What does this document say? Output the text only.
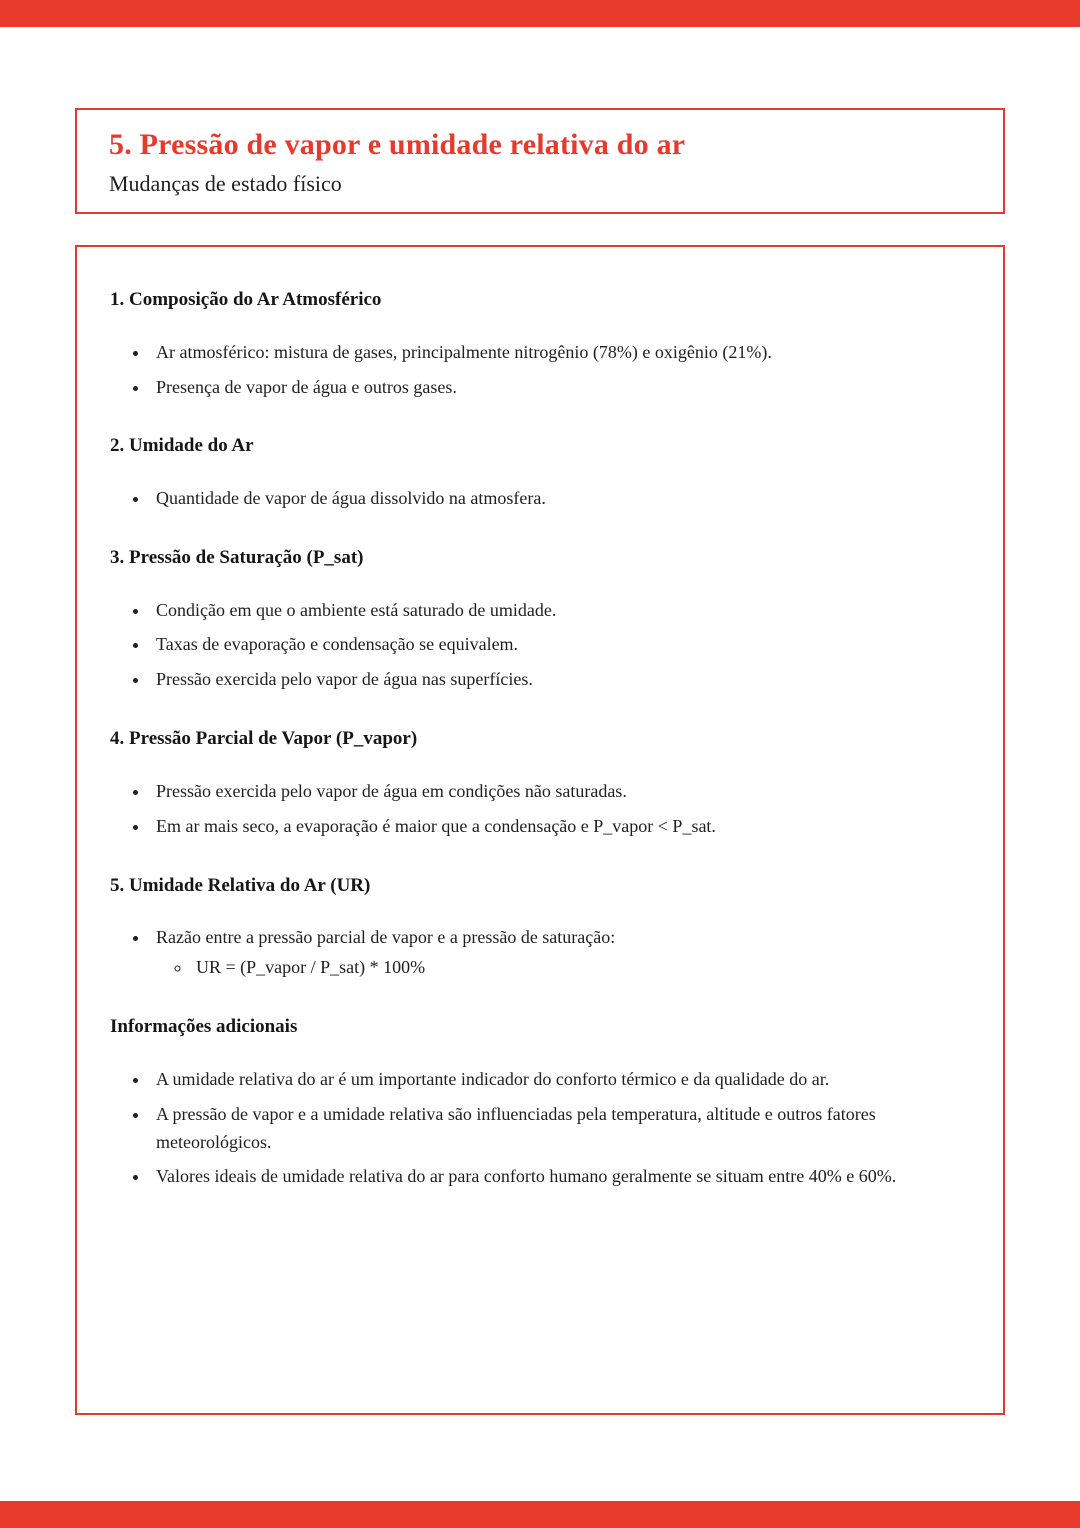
5. Pressão de vapor e umidade relativa do ar
Mudanças de estado físico
1. Composição do Ar Atmosférico
• Ar atmosférico: mistura de gases, principalmente nitrogênio (78%) e oxigênio (21%).
• Presença de vapor de água e outros gases.
2. Umidade do Ar
• Quantidade de vapor de água dissolvido na atmosfera.
3. Pressão de Saturação (P_sat)
• Condição em que o ambiente está saturado de umidade.
• Taxas de evaporação e condensação se equivalem.
• Pressão exercida pelo vapor de água nas superfícies.
4. Pressão Parcial de Vapor (P_vapor)
• Pressão exercida pelo vapor de água em condições não saturadas.
• Em ar mais seco, a evaporação é maior que a condensação e P_vapor < P_sat.
5. Umidade Relativa do Ar (UR)
• Razão entre a pressão parcial de vapor e a pressão de saturação:
◦ UR = (P_vapor / P_sat) * 100%
Informações adicionais
• A umidade relativa do ar é um importante indicador do conforto térmico e da qualidade do ar.
• A pressão de vapor e a umidade relativa são influenciadas pela temperatura, altitude e outros fatores meteorológicos.
• Valores ideais de umidade relativa do ar para conforto humano geralmente se situam entre 40% e 60%.
